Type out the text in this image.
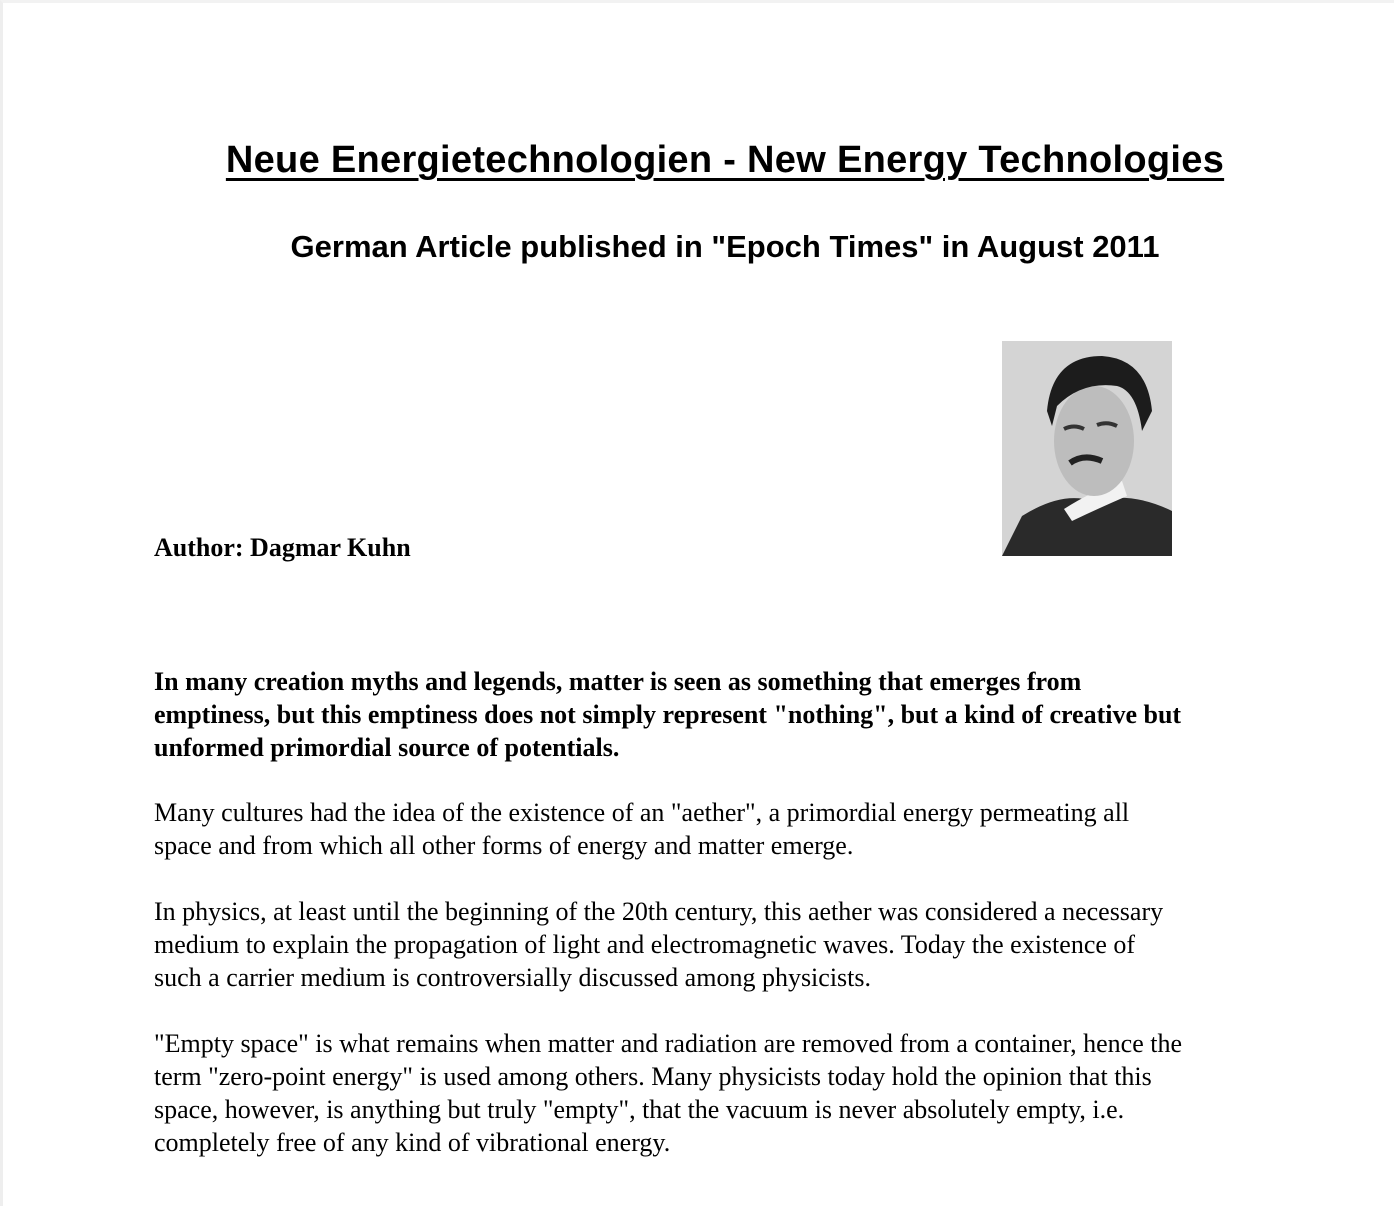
Neue Energietechnologien - New Energy Technologies
German Article published in "Epoch Times" in August 2011
Author: Dagmar Kuhn
In many creation myths and legends, matter is seen as something that emerges from
emptiness, but this emptiness does not simply represent "nothing", but a kind of creative but
unformed primordial source of potentials.
Many cultures had the idea of the existence of an "aether", a primordial energy permeating all
space and from which all other forms of energy and matter emerge.
In physics, at least until the beginning of the 20th century, this aether was considered a necessary
medium to explain the propagation of light and electromagnetic waves. Today the existence of
such a carrier medium is controversially discussed among physicists.
"Empty space" is what remains when matter and radiation are removed from a container, hence the
term "zero-point energy" is used among others. Many physicists today hold the opinion that this
space, however, is anything but truly "empty", that the vacuum is never absolutely empty, i.e.
completely free of any kind of vibrational energy.
